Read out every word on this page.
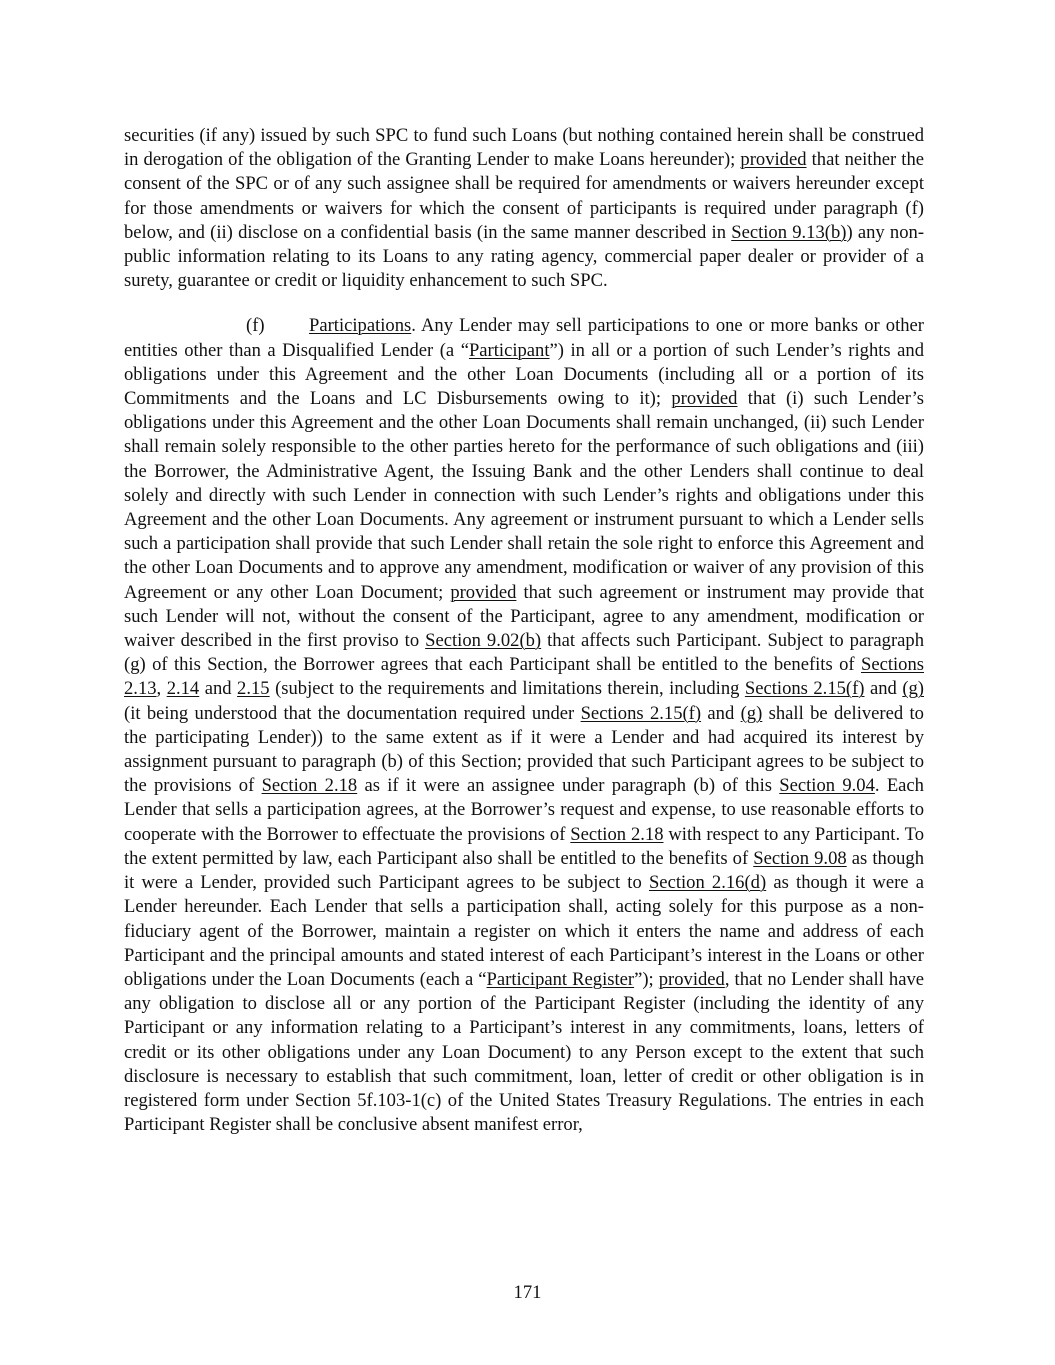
securities (if any) issued by such SPC to fund such Loans (but nothing contained herein shall be construed in derogation of the obligation of the Granting Lender to make Loans hereunder); provided that neither the consent of the SPC or of any such assignee shall be required for amendments or waivers hereunder except for those amendments or waivers for which the consent of participants is required under paragraph (f) below, and (ii) disclose on a confidential basis (in the same manner described in Section 9.13(b)) any non-public information relating to its Loans to any rating agency, commercial paper dealer or provider of a surety, guarantee or credit or liquidity enhancement to such SPC.

(f) Participations. Any Lender may sell participations to one or more banks or other entities other than a Disqualified Lender (a “Participant”) in all or a portion of such Lender’s rights and obligations under this Agreement and the other Loan Documents (including all or a portion of its Commitments and the Loans and LC Disbursements owing to it); provided that (i) such Lender’s obligations under this Agreement and the other Loan Documents shall remain unchanged, (ii) such Lender shall remain solely responsible to the other parties hereto for the performance of such obligations and (iii) the Borrower, the Administrative Agent, the Issuing Bank and the other Lenders shall continue to deal solely and directly with such Lender in connection with such Lender’s rights and obligations under this Agreement and the other Loan Documents. Any agreement or instrument pursuant to which a Lender sells such a participation shall provide that such Lender shall retain the sole right to enforce this Agreement and the other Loan Documents and to approve any amendment, modification or waiver of any provision of this Agreement or any other Loan Document; provided that such agreement or instrument may provide that such Lender will not, without the consent of the Participant, agree to any amendment, modification or waiver described in the first proviso to Section 9.02(b) that affects such Participant. Subject to paragraph (g) of this Section, the Borrower agrees that each Participant shall be entitled to the benefits of Sections 2.13, 2.14 and 2.15 (subject to the requirements and limitations therein, including Sections 2.15(f) and (g) (it being understood that the documentation required under Sections 2.15(f) and (g) shall be delivered to the participating Lender)) to the same extent as if it were a Lender and had acquired its interest by assignment pursuant to paragraph (b) of this Section; provided that such Participant agrees to be subject to the provisions of Section 2.18 as if it were an assignee under paragraph (b) of this Section 9.04. Each Lender that sells a participation agrees, at the Borrower’s request and expense, to use reasonable efforts to cooperate with the Borrower to effectuate the provisions of Section 2.18 with respect to any Participant. To the extent permitted by law, each Participant also shall be entitled to the benefits of Section 9.08 as though it were a Lender, provided such Participant agrees to be subject to Section 2.16(d) as though it were a Lender hereunder. Each Lender that sells a participation shall, acting solely for this purpose as a non-fiduciary agent of the Borrower, maintain a register on which it enters the name and address of each Participant and the principal amounts and stated interest of each Participant’s interest in the Loans or other obligations under the Loan Documents (each a “Participant Register”); provided, that no Lender shall have any obligation to disclose all or any portion of the Participant Register (including the identity of any Participant or any information relating to a Participant’s interest in any commitments, loans, letters of credit or its other obligations under any Loan Document) to any Person except to the extent that such disclosure is necessary to establish that such commitment, loan, letter of credit or other obligation is in registered form under Section 5f.103-1(c) of the United States Treasury Regulations. The entries in each Participant Register shall be conclusive absent manifest error,

171
